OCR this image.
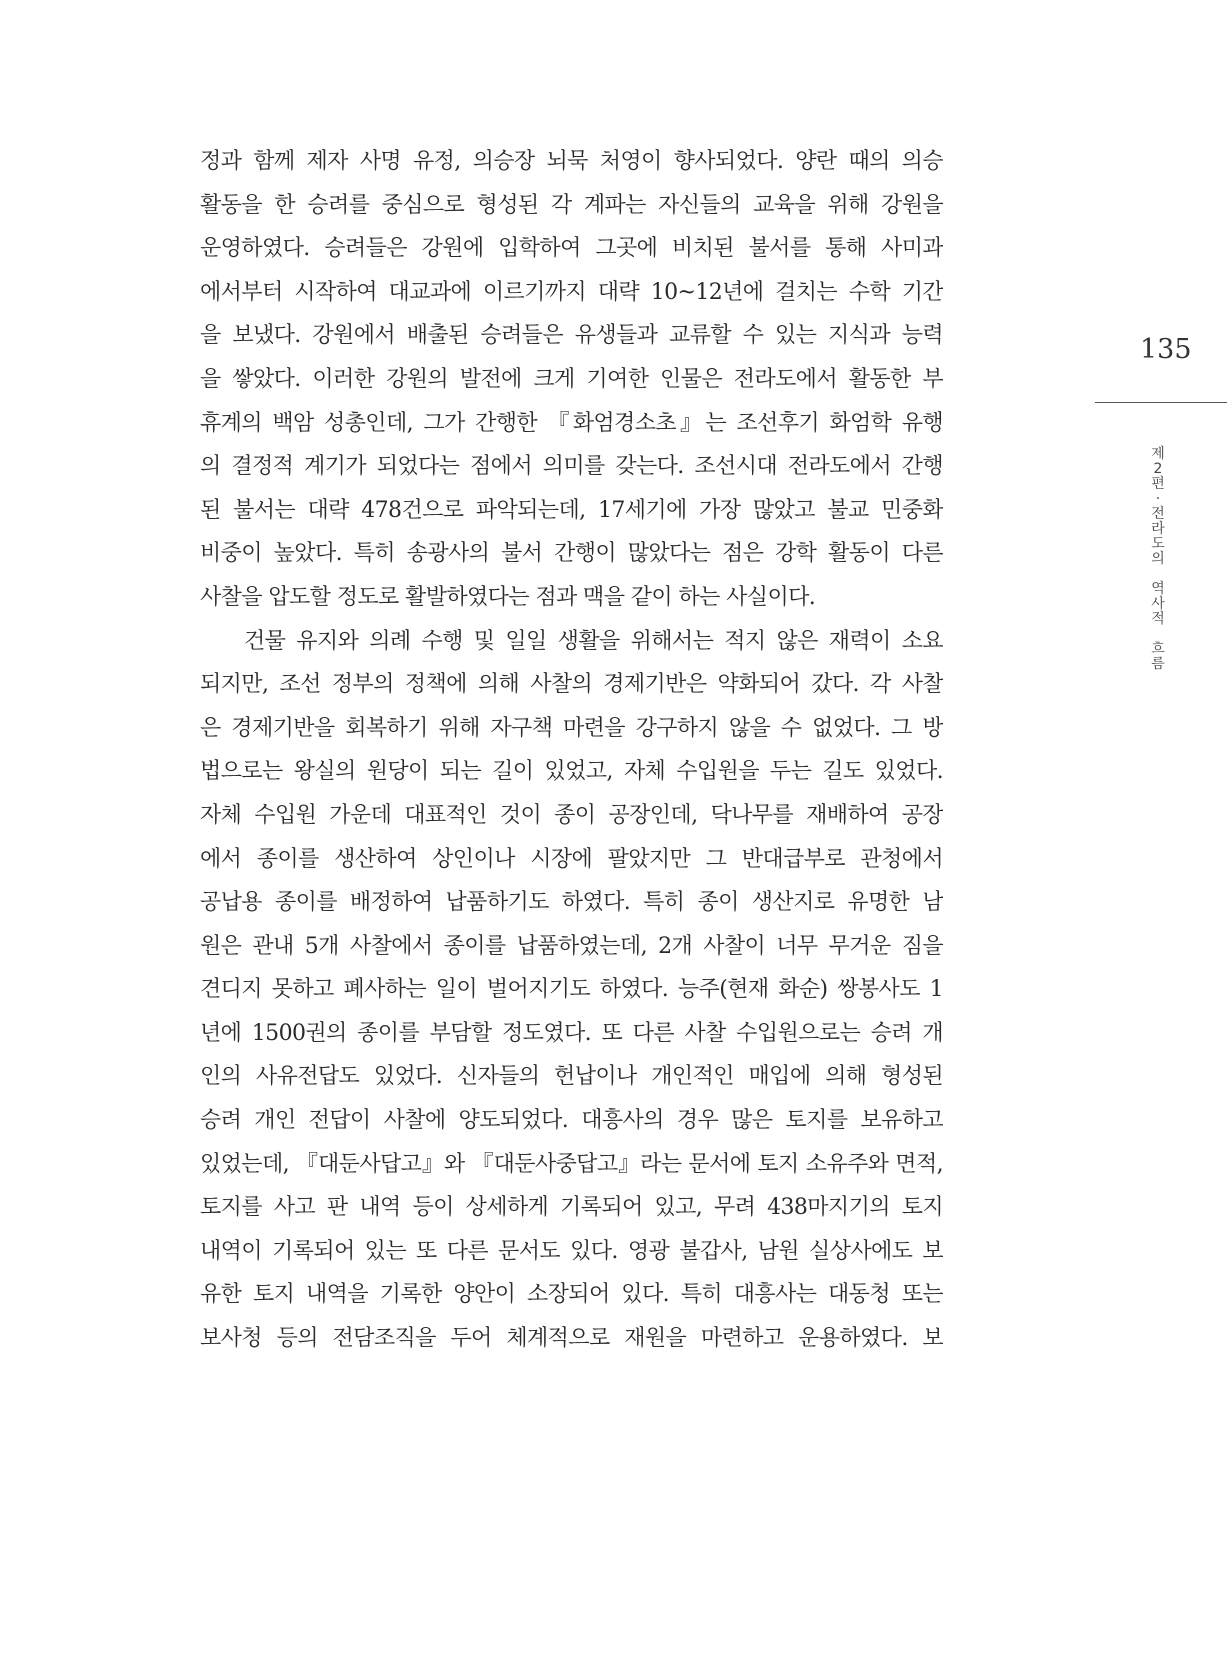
정과 함께 제자 사명 유정, 의승장 뇌묵 처영이 향사되었다. 양란 때의 의승
활동을 한 승려를 중심으로 형성된 각 계파는 자신들의 교육을 위해 강원을
운영하였다. 승려들은 강원에 입학하여 그곳에 비치된 불서를 통해 사미과
에서부터 시작하여 대교과에 이르기까지 대략 10~12년에 걸치는 수학 기간
을 보냈다. 강원에서 배출된 승려들은 유생들과 교류할 수 있는 지식과 능력
을 쌓았다. 이러한 강원의 발전에 크게 기여한 인물은 전라도에서 활동한 부
휴계의 백암 성총인데, 그가 간행한 『화엄경소초』는 조선후기 화엄학 유행
의 결정적 계기가 되었다는 점에서 의미를 갖는다. 조선시대 전라도에서 간행
된 불서는 대략 478건으로 파악되는데, 17세기에 가장 많았고 불교 민중화
비중이 높았다. 특히 송광사의 불서 간행이 많았다는 점은 강학 활동이 다른
사찰을 압도할 정도로 활발하였다는 점과 맥을 같이 하는 사실이다.
건물 유지와 의례 수행 및 일일 생활을 위해서는 적지 않은 재력이 소요
되지만, 조선 정부의 정책에 의해 사찰의 경제기반은 약화되어 갔다. 각 사찰
은 경제기반을 회복하기 위해 자구책 마련을 강구하지 않을 수 없었다. 그 방
법으로는 왕실의 원당이 되는 길이 있었고, 자체 수입원을 두는 길도 있었다.
자체 수입원 가운데 대표적인 것이 종이 공장인데, 닥나무를 재배하여 공장
에서 종이를 생산하여 상인이나 시장에 팔았지만 그 반대급부로 관청에서
공납용 종이를 배정하여 납품하기도 하였다. 특히 종이 생산지로 유명한 남
원은 관내 5개 사찰에서 종이를 납품하였는데, 2개 사찰이 너무 무거운 짐을
견디지 못하고 폐사하는 일이 벌어지기도 하였다. 능주(현재 화순) 쌍봉사도 1
년에 1500권의 종이를 부담할 정도였다. 또 다른 사찰 수입원으로는 승려 개
인의 사유전답도 있었다. 신자들의 헌납이나 개인적인 매입에 의해 형성된
승려 개인 전답이 사찰에 양도되었다. 대흥사의 경우 많은 토지를 보유하고
있었는데, 『대둔사답고』와 『대둔사중답고』라는 문서에 토지 소유주와 면적,
토지를 사고 판 내역 등이 상세하게 기록되어 있고, 무려 438마지기의 토지
내역이 기록되어 있는 또 다른 문서도 있다. 영광 불갑사, 남원 실상사에도 보
유한 토지 내역을 기록한 양안이 소장되어 있다. 특히 대흥사는 대동청 또는
보사청 등의 전담조직을 두어 체계적으로 재원을 마련하고 운용하였다. 보
135
제
2
편
·
전
라
도
의

역
사
적

흐
름
